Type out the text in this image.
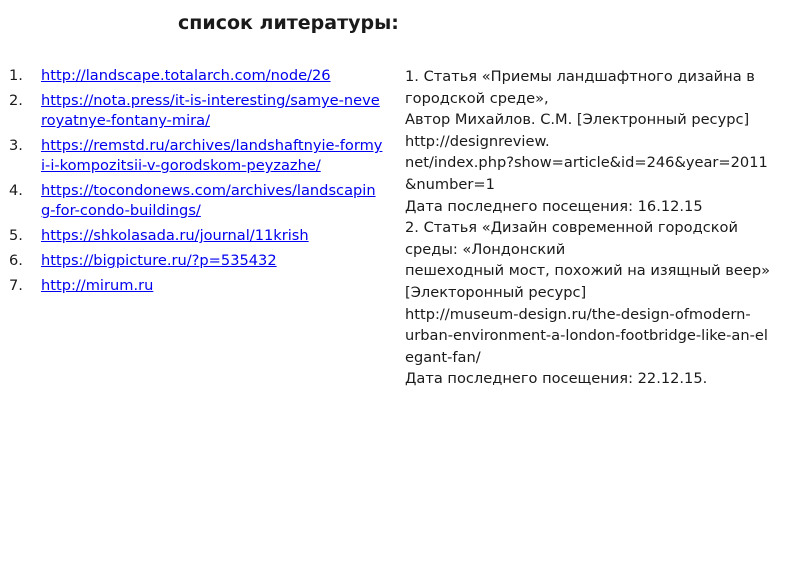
список литературы:
1. http://landscape.totalarch.com/node/26
2. https://nota.press/it-is-interesting/samye-neveroyatnye-fontany-mira/
3. https://remstd.ru/archives/landshaftnyie-formyi-i-kompozitsii-v-gorodskom-peyzazhe/
4. https://tocondonews.com/archives/landscaping-for-condo-buildings/
5. https://shkolasada.ru/journal/11krish
6. https://bigpicture.ru/?p=535432
7. http://mirum.ru
1. Статья «Приемы ландшафтного дизайна в
городской среде»,
Автор Михайлов. С.М. [Электронный ресурс]
http://designreview.
net/index.php?show=article&id=246&year=2011
&number=1
Дата последнего посещения: 16.12.15
2. Статья «Дизайн современной городской
среды: «Лондонский
пешеходный мост, похожий на изящный веер»
[Электоронный ресурс]
http://museum-design.ru/the-design-ofmodern-
urban-environment-a-london-footbridge-like-an-el
egant-fan/
Дата последнего посещения: 22.12.15.
